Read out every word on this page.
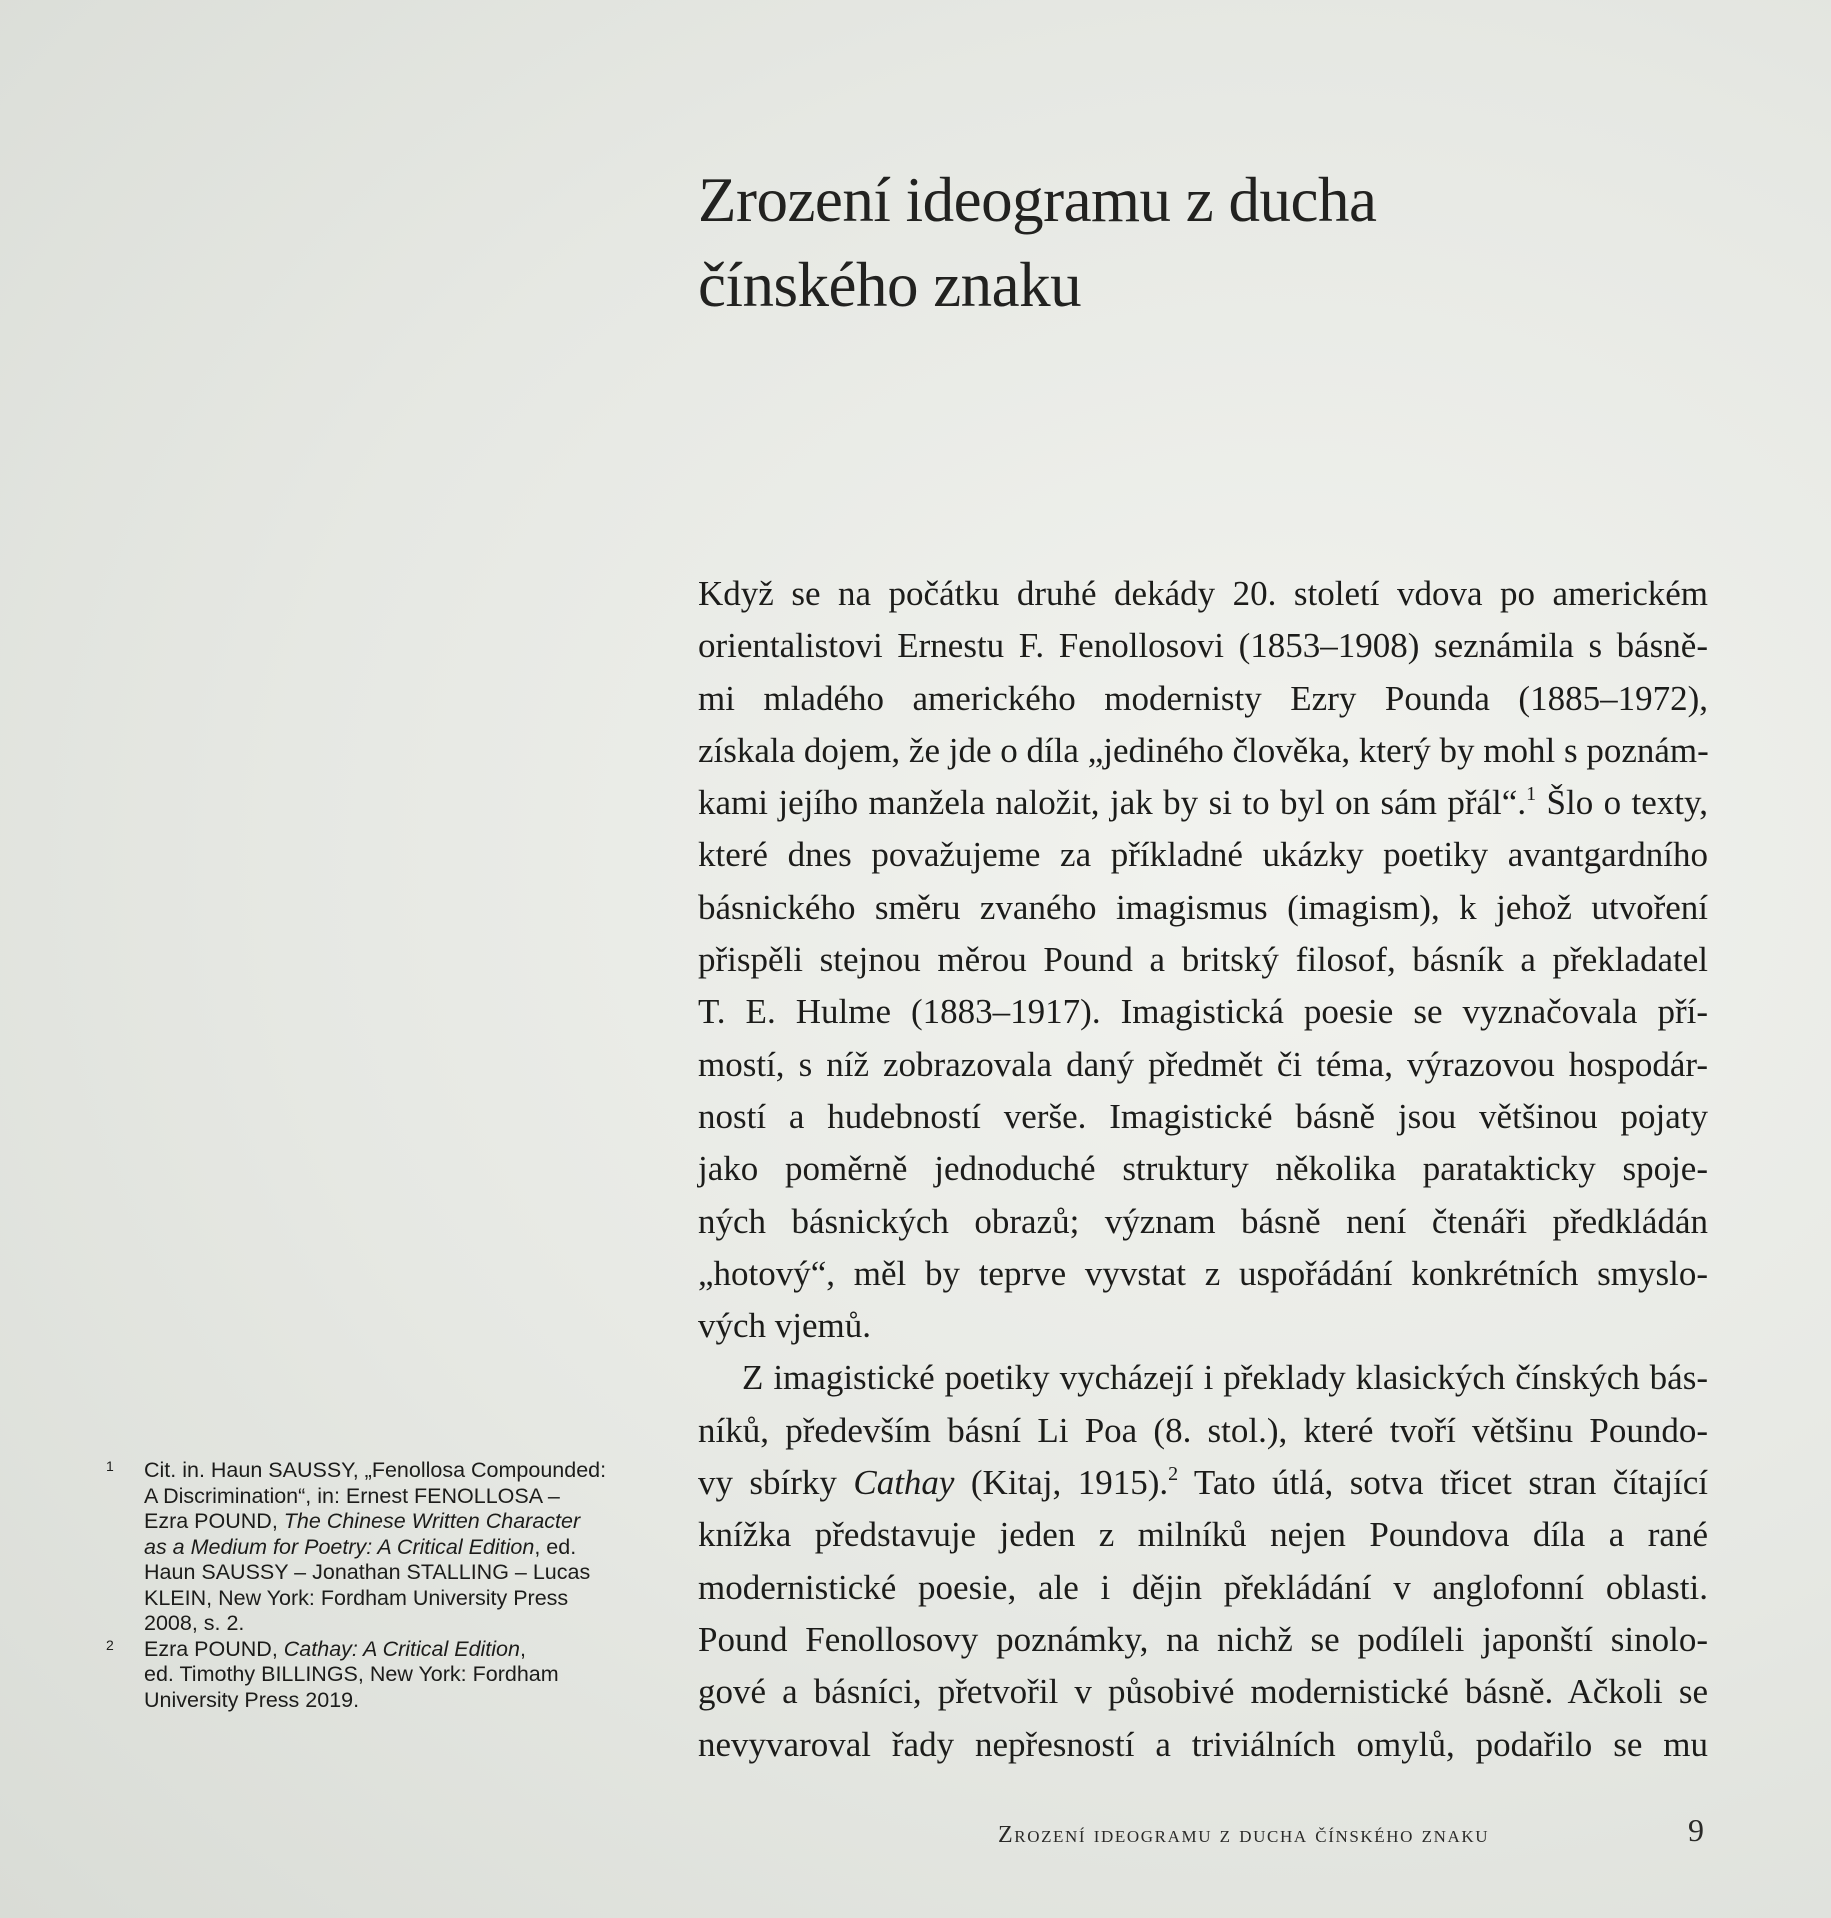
Zrození ideogramu z ducha
čínského znaku
Když se na počátku druhé dekády 20. století vdova po americkém
orientalistovi Ernestu F. Fenollosovi (1853–1908) seznámila s básně-
mi mladého amerického modernisty Ezry Pounda (1885–1972),
získala dojem, že jde o díla „jediného člověka, který by mohl s poznám-
kami jejího manžela naložit, jak by si to byl on sám přál“.$^1$ Šlo o texty,
které dnes považujeme za příkladné ukázky poetiky avantgardního
básnického směru zvaného imagismus (imagism), k jehož utvoření
přispěli stejnou měrou Pound a britský filosof, básník a překladatel
T. E. Hulme (1883–1917). Imagistická poesie se vyznačovala pří-
mostí, s níž zobrazovala daný předmět či téma, výrazovou hospodár-
ností a hudebností verše. Imagistické básně jsou většinou pojaty
jako poměrně jednoduché struktury několika paratakticky spoje-
ných básnických obrazů; význam básně není čtenáři předkládán
„hotový“, měl by teprve vyvstat z uspořádání konkrétních smyslo-
vých vjemů.
Z imagistické poetiky vycházejí i překlady klasických čínských bás-
níků, především básní Li Poa (8. stol.), které tvoří většinu Poundo-
vy sbírky Cathay (Kitaj, 1915).$^2$ Tato útlá, sotva třicet stran čítající
knížka představuje jeden z milníků nejen Poundova díla a rané
modernistické poesie, ale i dějin překládání v anglofonní oblasti.
Pound Fenollosovy poznámky, na nichž se podíleli japonští sinolo-
gové a básníci, přetvořil v působivé modernistické básně. Ačkoli se
nevyvaroval řady nepřesností a triviálních omylů, podařilo se mu
1 Cit. in. Haun SAUSSY, „Fenollosa Compounded:
A Discrimination“, in: Ernest FENOLLOSA –
Ezra POUND, The Chinese Written Character
as a Medium for Poetry: A Critical Edition, ed.
Haun SAUSSY – Jonathan STALLING – Lucas
KLEIN, New York: Fordham University Press
2008, s. 2.
2 Ezra POUND, Cathay: A Critical Edition,
ed. Timothy BILLINGS, New York: Fordham
University Press 2019.
Zrození ideogramu z ducha čínského znaku	9
